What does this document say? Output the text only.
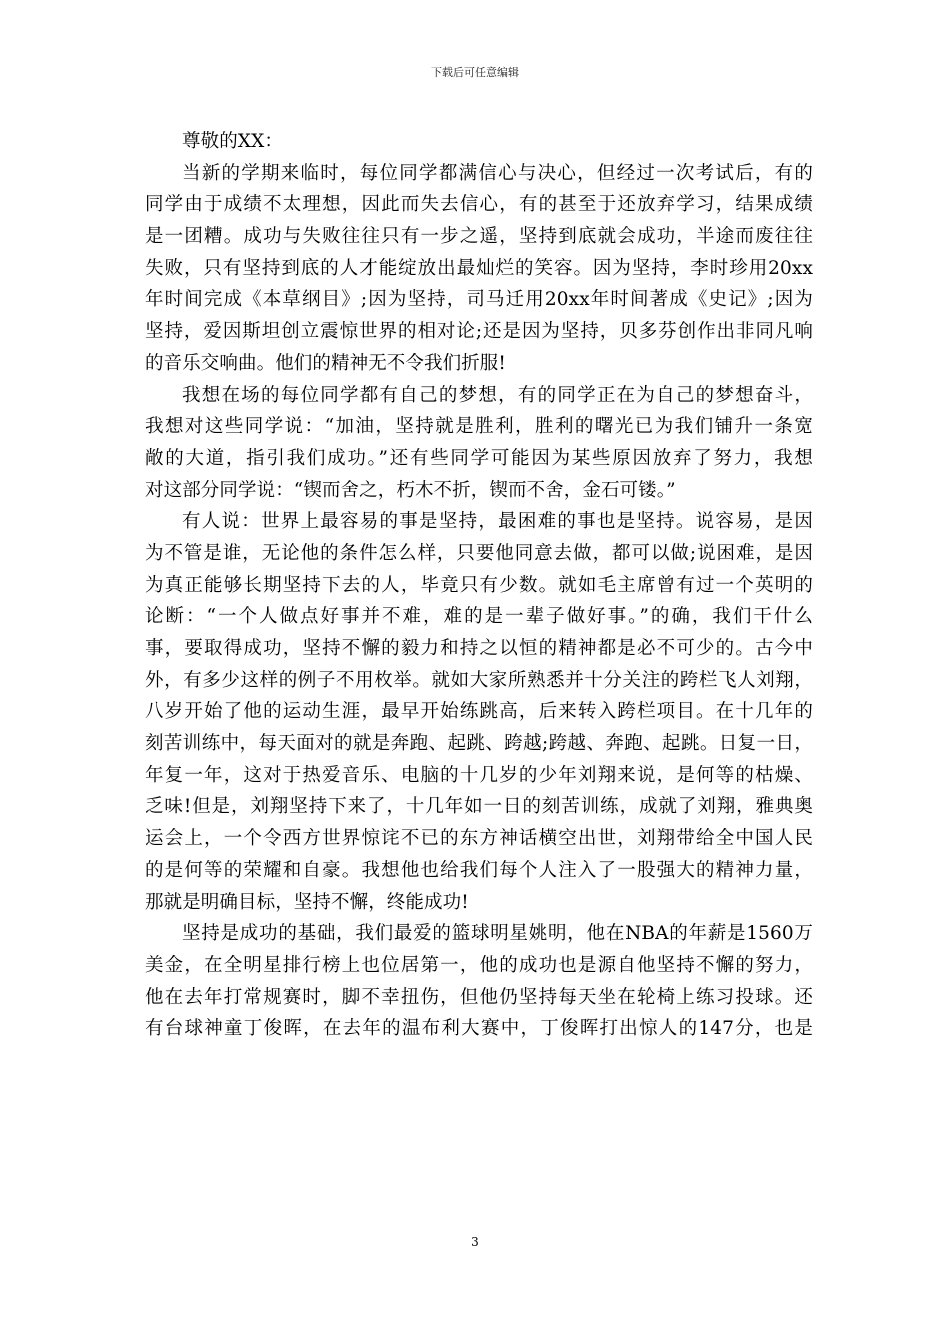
下载后可任意编辑
尊敬的XX：
当新的学期来临时，每位同学都满信心与决心，但经过一次考试后，有的
同学由于成绩不太理想，因此而失去信心，有的甚至于还放弃学习，结果成绩
是一团糟。成功与失败往往只有一步之遥，坚持到底就会成功，半途而废往往
失败，只有坚持到底的人才能绽放出最灿烂的笑容。因为坚持，李时珍用20xx
年时间完成《本草纲目》;因为坚持，司马迁用20xx年时间著成《史记》;因为
坚持，爱因斯坦创立震惊世界的相对论;还是因为坚持，贝多芬创作出非同凡响
的音乐交响曲。他们的精神无不令我们折服!
我想在场的每位同学都有自己的梦想，有的同学正在为自己的梦想奋斗，
我想对这些同学说：“加油，坚持就是胜利，胜利的曙光已为我们铺升一条宽
敞的大道，指引我们成功。”还有些同学可能因为某些原因放弃了努力，我想
对这部分同学说：“锲而舍之，朽木不折，锲而不舍，金石可镂。”
有人说：世界上最容易的事是坚持，最困难的事也是坚持。说容易，是因
为不管是谁，无论他的条件怎么样，只要他同意去做，都可以做;说困难，是因
为真正能够长期坚持下去的人，毕竟只有少数。就如毛主席曾有过一个英明的
论断：“一个人做点好事并不难，难的是一辈子做好事。”的确，我们干什么
事，要取得成功，坚持不懈的毅力和持之以恒的精神都是必不可少的。古今中
外，有多少这样的例子不用枚举。就如大家所熟悉并十分关注的跨栏飞人刘翔，
八岁开始了他的运动生涯，最早开始练跳高，后来转入跨栏项目。在十几年的
刻苦训练中，每天面对的就是奔跑、起跳、跨越;跨越、奔跑、起跳。日复一日，
年复一年，这对于热爱音乐、电脑的十几岁的少年刘翔来说，是何等的枯燥、
乏味!但是，刘翔坚持下来了，十几年如一日的刻苦训练，成就了刘翔，雅典奥
运会上，一个令西方世界惊诧不已的东方神话横空出世，刘翔带给全中国人民
的是何等的荣耀和自豪。我想他也给我们每个人注入了一股强大的精神力量，
那就是明确目标，坚持不懈，终能成功!
坚持是成功的基础，我们最爱的篮球明星姚明，他在NBA的年薪是1560万
美金，在全明星排行榜上也位居第一，他的成功也是源自他坚持不懈的努力，
他在去年打常规赛时，脚不幸扭伤，但他仍坚持每天坐在轮椅上练习投球。还
有台球神童丁俊晖，在去年的温布利大赛中，丁俊晖打出惊人的147分，也是
3
